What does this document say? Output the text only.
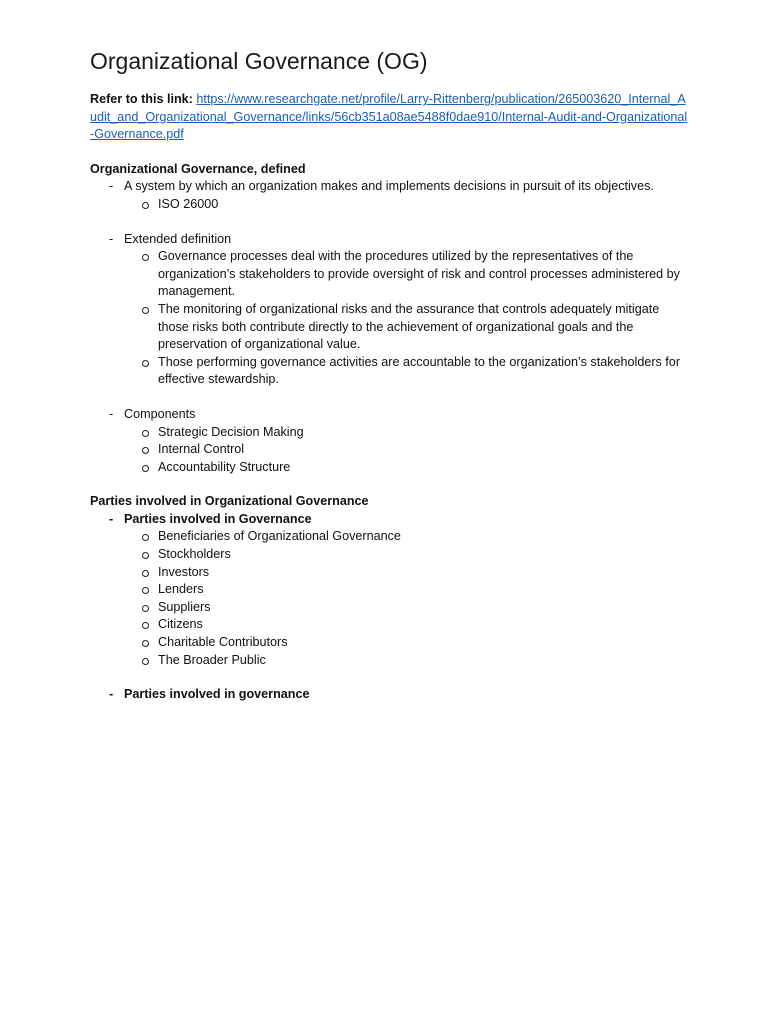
Organizational Governance (OG)

Refer to this link: https://www.researchgate.net/profile/Larry-Rittenberg/publication/265003620_Internal_Audit_and_Organizational_Governance/links/56cb351a08ae5488f0dae910/Internal-Audit-and-Organizational-Governance.pdf

Organizational Governance, defined
- A system by which an organization makes and implements decisions in pursuit of its objectives.
ISO 26000
- Extended definition
Governance processes deal with the procedures utilized by the representatives of the organization’s stakeholders to provide oversight of risk and control processes administered by management.
The monitoring of organizational risks and the assurance that controls adequately mitigate those risks both contribute directly to the achievement of organizational goals and the preservation of organizational value.
Those performing governance activities are accountable to the organization’s stakeholders for effective stewardship.
- Components
Strategic Decision Making
Internal Control
Accountability Structure
Parties involved in Organizational Governance
- Parties involved in Governance
Beneficiaries of Organizational Governance
Stockholders
Investors
Lenders
Suppliers
Citizens
Charitable Contributors
The Broader Public
- Parties involved in governance
